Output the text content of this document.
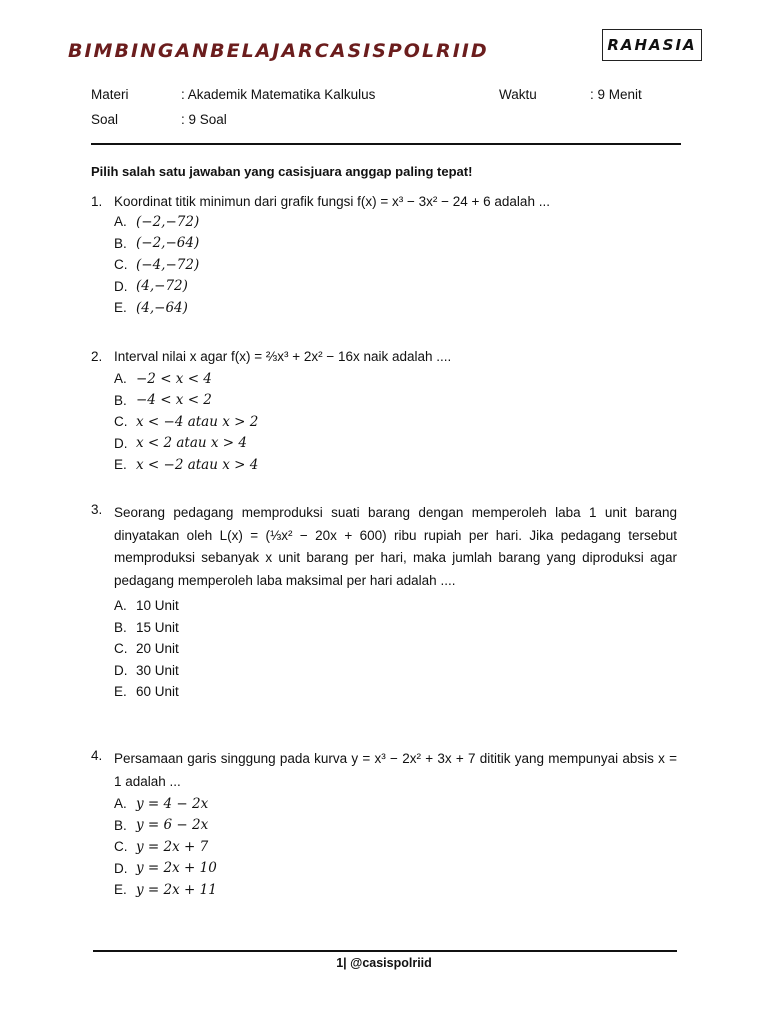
BIMBINGANBELAJARCASISPOLRIID	RAHASIA
Materi	: Akademik Matematika Kalkulus	Waktu	: 9 Menit
Soal	: 9 Soal
Pilih salah satu jawaban yang casisjuara anggap paling tepat!
1. Koordinat titik minimun dari grafik fungsi f(x) = x³ − 3x² − 24 + 6 adalah ...
A. (−2,−72)
B. (−2,−64)
C. (−4,−72)
D. (4,−72)
E. (4,−64)
2. Interval nilai x agar f(x) = ⅔x³ + 2x² − 16x naik adalah ....
A. −2 < x < 4
B. −4 < x < 2
C. x < −4 atau x > 2
D. x < 2 atau x > 4
E. x < −2 atau x > 4
3. Seorang pedagang memproduksi suati barang dengan memperoleh laba 1 unit barang dinyatakan oleh L(x) = (⅓x² − 20x + 600) ribu rupiah per hari. Jika pedagang tersebut memproduksi sebanyak x unit barang per hari, maka jumlah barang yang diproduksi agar pedagang memperoleh laba maksimal per hari adalah ....
A. 10 Unit
B. 15 Unit
C. 20 Unit
D. 30 Unit
E. 60 Unit
4. Persamaan garis singgung pada kurva y = x³ − 2x² + 3x + 7 dititik yang mempunyai absis x = 1 adalah ...
A. y = 4 − 2x
B. y = 6 − 2x
C. y = 2x + 7
D. y = 2x + 10
E. y = 2x + 11
1| @casispolriid
